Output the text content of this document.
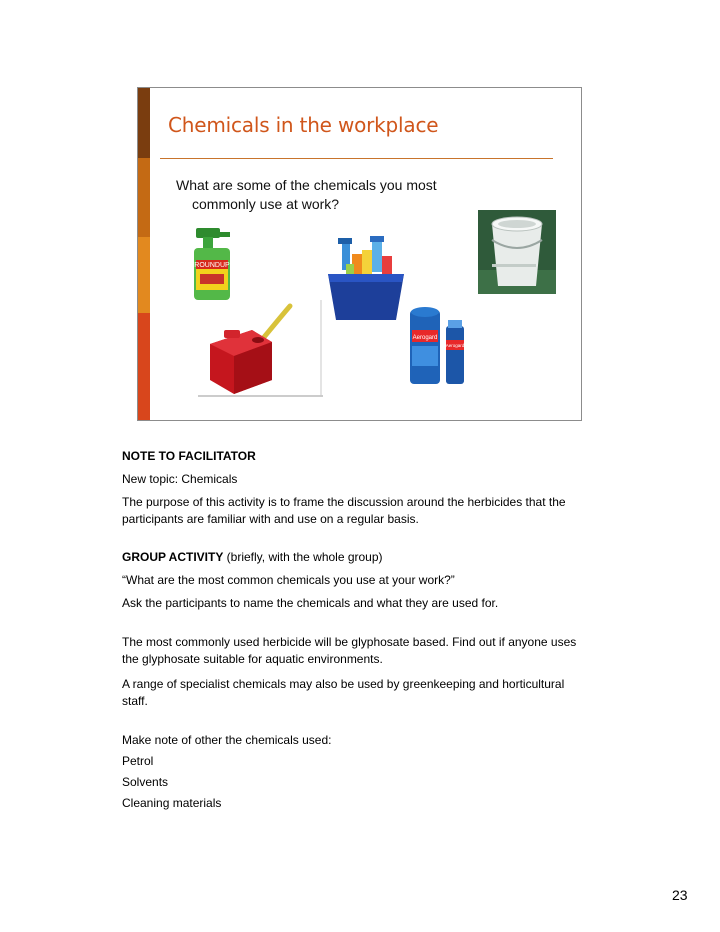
Chemicals in the workplace
What are some of the chemicals you most
commonly use at work?
ROUNDUP
Aerogard
Aerogard

NOTE TO FACILITATOR

New topic: Chemicals

The purpose of this activity is to frame the discussion around the herbicides that the participants are familiar with and use on a regular basis.

GROUP ACTIVITY (briefly, with the whole group)

“What are the most common chemicals you use at your work?”

Ask the participants to name the chemicals and what they are used for.

The most commonly used herbicide will be glyphosate based. Find out if anyone uses the glyphosate suitable for aquatic environments.

A range of specialist chemicals may also be used by greenkeeping and horticultural staff.

Make note of other the chemicals used:

Petrol

Solvents

Cleaning materials

23
